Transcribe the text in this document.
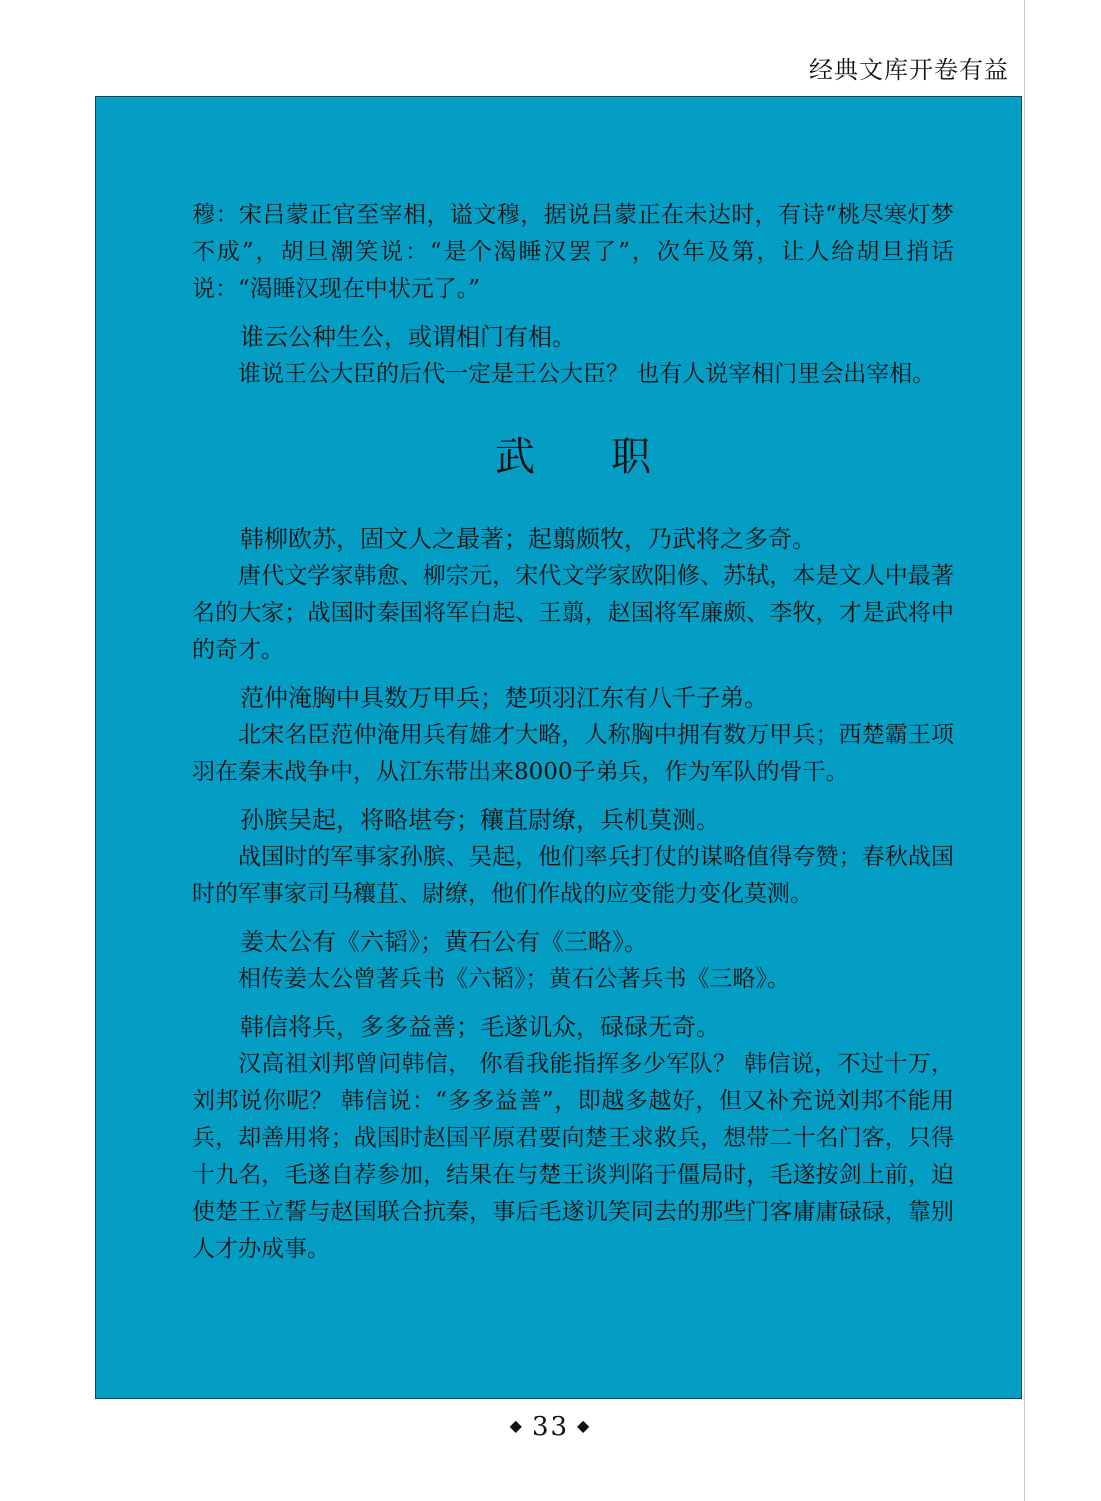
经典文库开卷有益

穆：宋吕蒙正官至宰相，谥文穆，据说吕蒙正在未达时，有诗“桃尽寒灯梦不成”，胡旦潮笑说：“是个渴睡汉罢了”，次年及第，让人给胡旦捎话说：“渴睡汉现在中状元了。”

谁云公种生公，或谓相门有相。

谁说王公大臣的后代一定是王公大臣？ 也有人说宰相门里会出宰相。

武 职

韩柳欧苏，固文人之最著；起翦颇牧，乃武将之多奇。

唐代文学家韩愈、柳宗元，宋代文学家欧阳修、苏轼，本是文人中最著名的大家；战国时秦国将军白起、王翦，赵国将军廉颇、李牧，才是武将中的奇才。

范仲淹胸中具数万甲兵；楚项羽江东有八千子弟。

北宋名臣范仲淹用兵有雄才大略，人称胸中拥有数万甲兵；西楚霸王项羽在秦末战争中，从江东带出来8000子弟兵，作为军队的骨干。

孙膑吴起，将略堪夸；穰苴尉缭，兵机莫测。

战国时的军事家孙膑、吴起，他们率兵打仗的谋略值得夸赞；春秋战国时的军事家司马穰苴、尉缭，他们作战的应变能力变化莫测。

姜太公有《六韬》；黄石公有《三略》。

相传姜太公曾著兵书《六韬》；黄石公著兵书《三略》。

韩信将兵，多多益善；毛遂讥众，碌碌无奇。

汉高祖刘邦曾问韩信， 你看我能指挥多少军队？ 韩信说，不过十万，刘邦说你呢？ 韩信说：“多多益善”，即越多越好，但又补充说刘邦不能用兵，却善用将；战国时赵国平原君要向楚王求救兵，想带二十名门客，只得十九名，毛遂自荐参加，结果在与楚王谈判陷于僵局时，毛遂按剑上前，迫使楚王立誓与赵国联合抗秦，事后毛遂讥笑同去的那些门客庸庸碌碌，靠别人才办成事。

◆ 33 ◆
